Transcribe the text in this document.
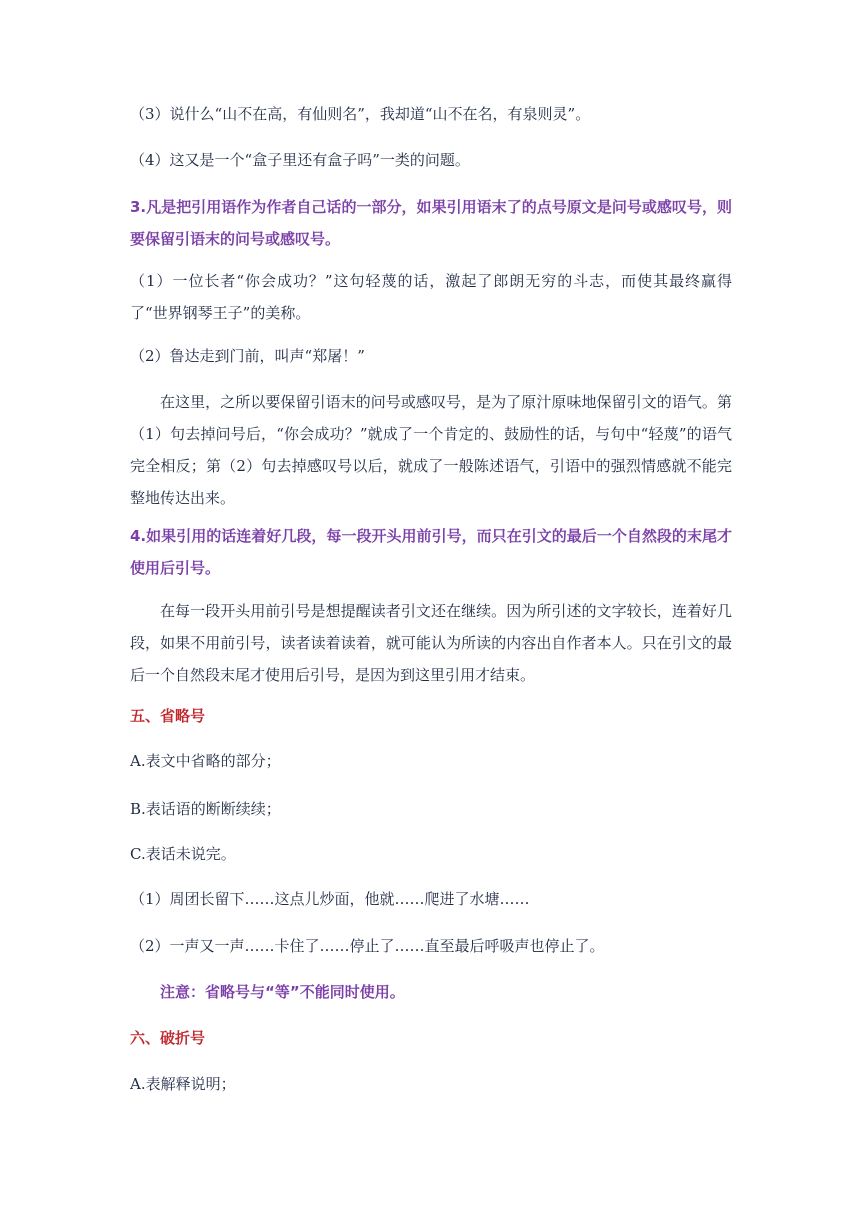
（3）说什么“山不在高，有仙则名”，我却道“山不在名，有泉则灵”。
（4）这又是一个“盒子里还有盒子吗”一类的问题。
3.凡是把引用语作为作者自己话的一部分，如果引用语末了的点号原文是问号或感叹号，则要保留引语末的问号或感叹号。
（1）一位长者“你会成功？”这句轻蔑的话，激起了郎朗无穷的斗志，而使其最终赢得了“世界钢琴王子”的美称。
（2）鲁达走到门前，叫声“郑屠！”
在这里，之所以要保留引语末的问号或感叹号，是为了原汁原味地保留引文的语气。第（1）句去掉问号后，“你会成功？”就成了一个肯定的、鼓励性的话，与句中“轻蔑”的语气完全相反；第（2）句去掉感叹号以后，就成了一般陈述语气，引语中的强烈情感就不能完整地传达出来。
4.如果引用的话连着好几段，每一段开头用前引号，而只在引文的最后一个自然段的末尾才使用后引号。
在每一段开头用前引号是想提醒读者引文还在继续。因为所引述的文字较长，连着好几段，如果不用前引号，读者读着读着，就可能认为所读的内容出自作者本人。只在引文的最后一个自然段末尾才使用后引号，是因为到这里引用才结束。
五、省略号
A.表文中省略的部分；
B.表话语的断断续续；
C.表话未说完。
（1）周团长留下……这点儿炒面，他就……爬进了水塘……
（2）一声又一声……卡住了……停止了……直至最后呼吸声也停止了。
注意：省略号与“等”不能同时使用。
六、破折号
A.表解释说明；
